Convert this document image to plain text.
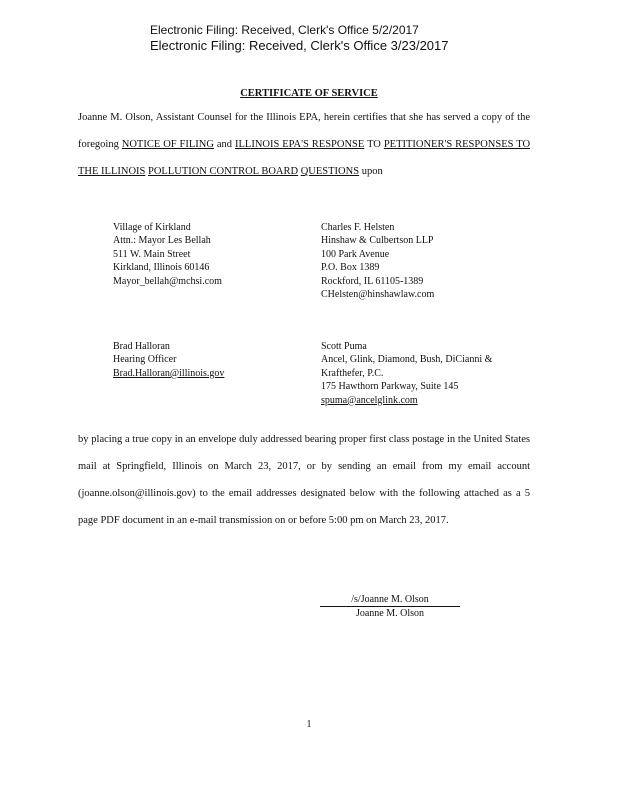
Electronic Filing: Received, Clerk's Office 5/2/2017
Electronic Filing: Received, Clerk's Office 3/23/2017
CERTIFICATE OF SERVICE
Joanne M. Olson, Assistant Counsel for the Illinois EPA, herein certifies that she has served a copy of the foregoing NOTICE OF FILING and ILLINOIS EPA'S RESPONSE TO PETITIONER'S RESPONSES TO THE ILLINOIS POLLUTION CONTROL BOARD QUESTIONS upon
Village of Kirkland
Attn.: Mayor Les Bellah
511 W. Main Street
Kirkland, Illinois 60146
Mayor_bellah@mchsi.com
Charles F. Helsten
Hinshaw & Culbertson LLP
100 Park Avenue
P.O. Box 1389
Rockford, IL 61105-1389
CHelsten@hinshawlaw.com
Brad Halloran
Hearing Officer
Brad.Halloran@illinois.gov
Scott Puma
Ancel, Glink, Diamond, Bush, DiCianni &
Krafthefer, P.C.
175 Hawthorn Parkway, Suite 145
spuma@ancelglink.com
by placing a true copy in an envelope duly addressed bearing proper first class postage in the United States mail at Springfield, Illinois on March 23, 2017, or by sending an email from my email account (joanne.olson@illinois.gov) to the email addresses designated below with the following attached as a 5 page PDF document in an e-mail transmission on or before 5:00 pm on March 23, 2017.
/s/Joanne M. Olson
Joanne M. Olson
1
